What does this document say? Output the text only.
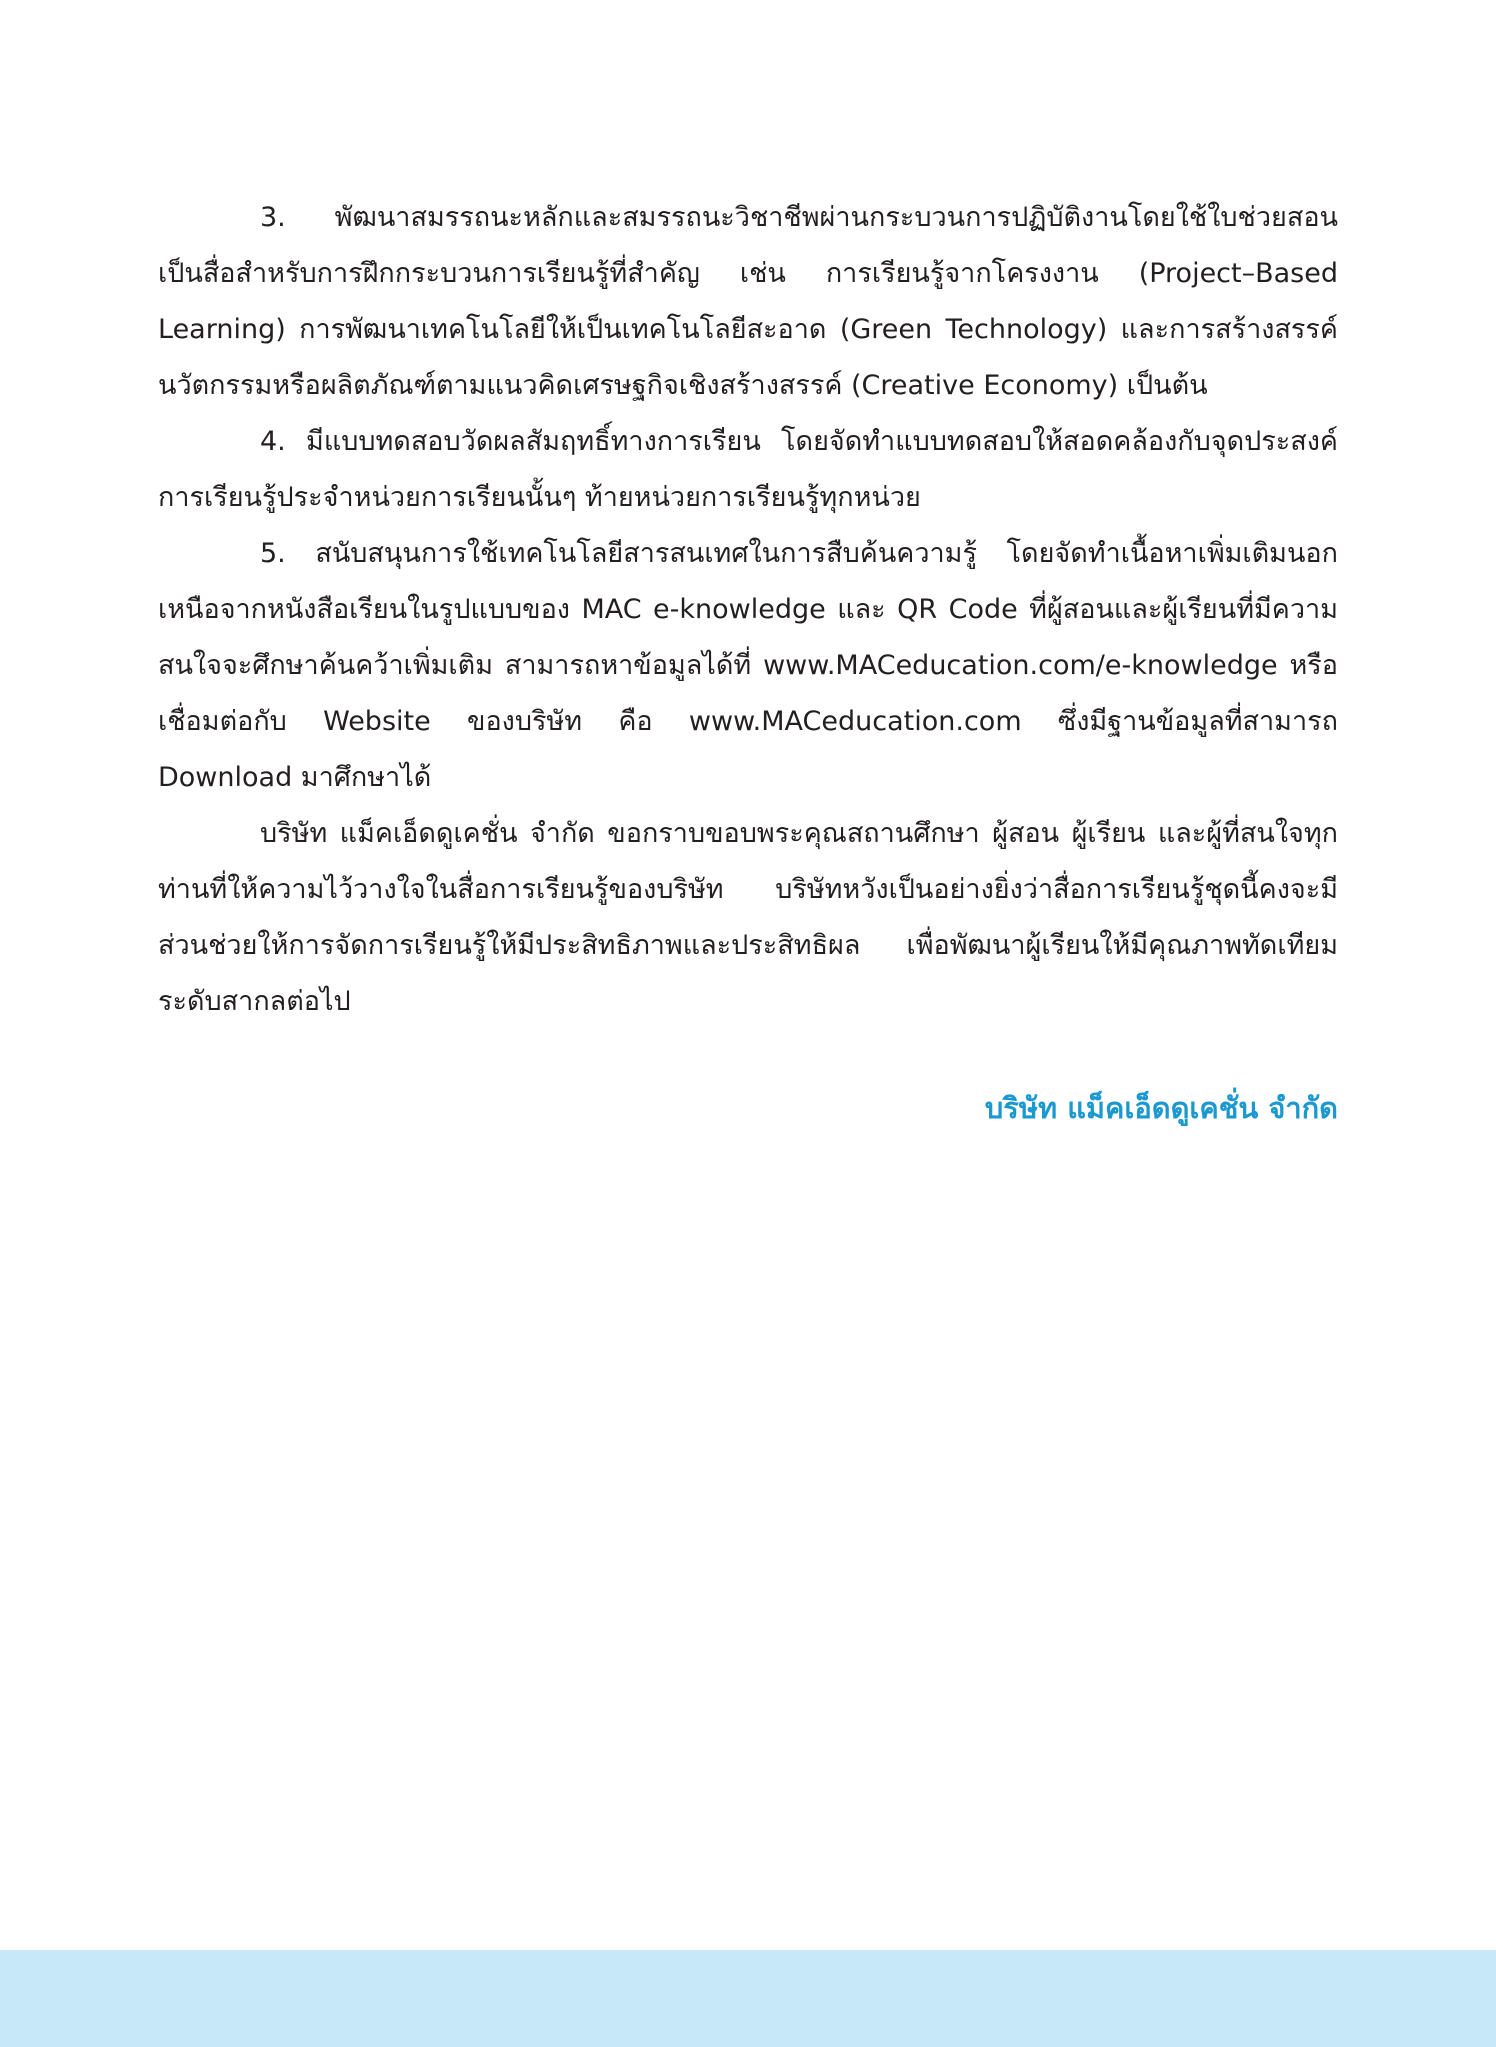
3. พัฒนาสมรรถนะหลักและสมรรถนะวิชาชีพผ่านกระบวนการปฏิบัติงานโดยใช้ใบช่วยสอนเป็นสื่อสำหรับการฝึกกระบวนการเรียนรู้ที่สำคัญ เช่น การเรียนรู้จากโครงงาน (Project–Based Learning) การพัฒนาเทคโนโลยีให้เป็นเทคโนโลยีสะอาด (Green Technology) และการสร้างสรรค์นวัตกรรมหรือผลิตภัณฑ์ตามแนวคิดเศรษฐกิจเชิงสร้างสรรค์ (Creative Economy) เป็นต้น

4. มีแบบทดสอบวัดผลสัมฤทธิ์ทางการเรียน โดยจัดทำแบบทดสอบให้สอดคล้องกับจุดประสงค์การเรียนรู้ประจำหน่วยการเรียนนั้นๆ ท้ายหน่วยการเรียนรู้ทุกหน่วย

5. สนับสนุนการใช้เทคโนโลยีสารสนเทศในการสืบค้นความรู้ โดยจัดทำเนื้อหาเพิ่มเติมนอกเหนือจากหนังสือเรียนในรูปแบบของ MAC e-knowledge และ QR Code ที่ผู้สอนและผู้เรียนที่มีความสนใจจะศึกษาค้นคว้าเพิ่มเติม สามารถหาข้อมูลได้ที่ www.MACeducation.com/e-knowledge หรือเชื่อมต่อกับ Website ของบริษัท คือ www.MACeducation.com ซึ่งมีฐานข้อมูลที่สามารถ Download มาศึกษาได้

บริษัท แม็คเอ็ดดูเคชั่น จำกัด ขอกราบขอบพระคุณสถานศึกษา ผู้สอน ผู้เรียน และผู้ที่สนใจทุกท่านที่ให้ความไว้วางใจในสื่อการเรียนรู้ของบริษัท บริษัทหวังเป็นอย่างยิ่งว่าสื่อการเรียนรู้ชุดนี้คงจะมีส่วนช่วยให้การจัดการเรียนรู้ให้มีประสิทธิภาพและประสิทธิผล เพื่อพัฒนาผู้เรียนให้มีคุณภาพทัดเทียมระดับสากลต่อไป

บริษัท แม็คเอ็ดดูเคชั่น จำกัด
